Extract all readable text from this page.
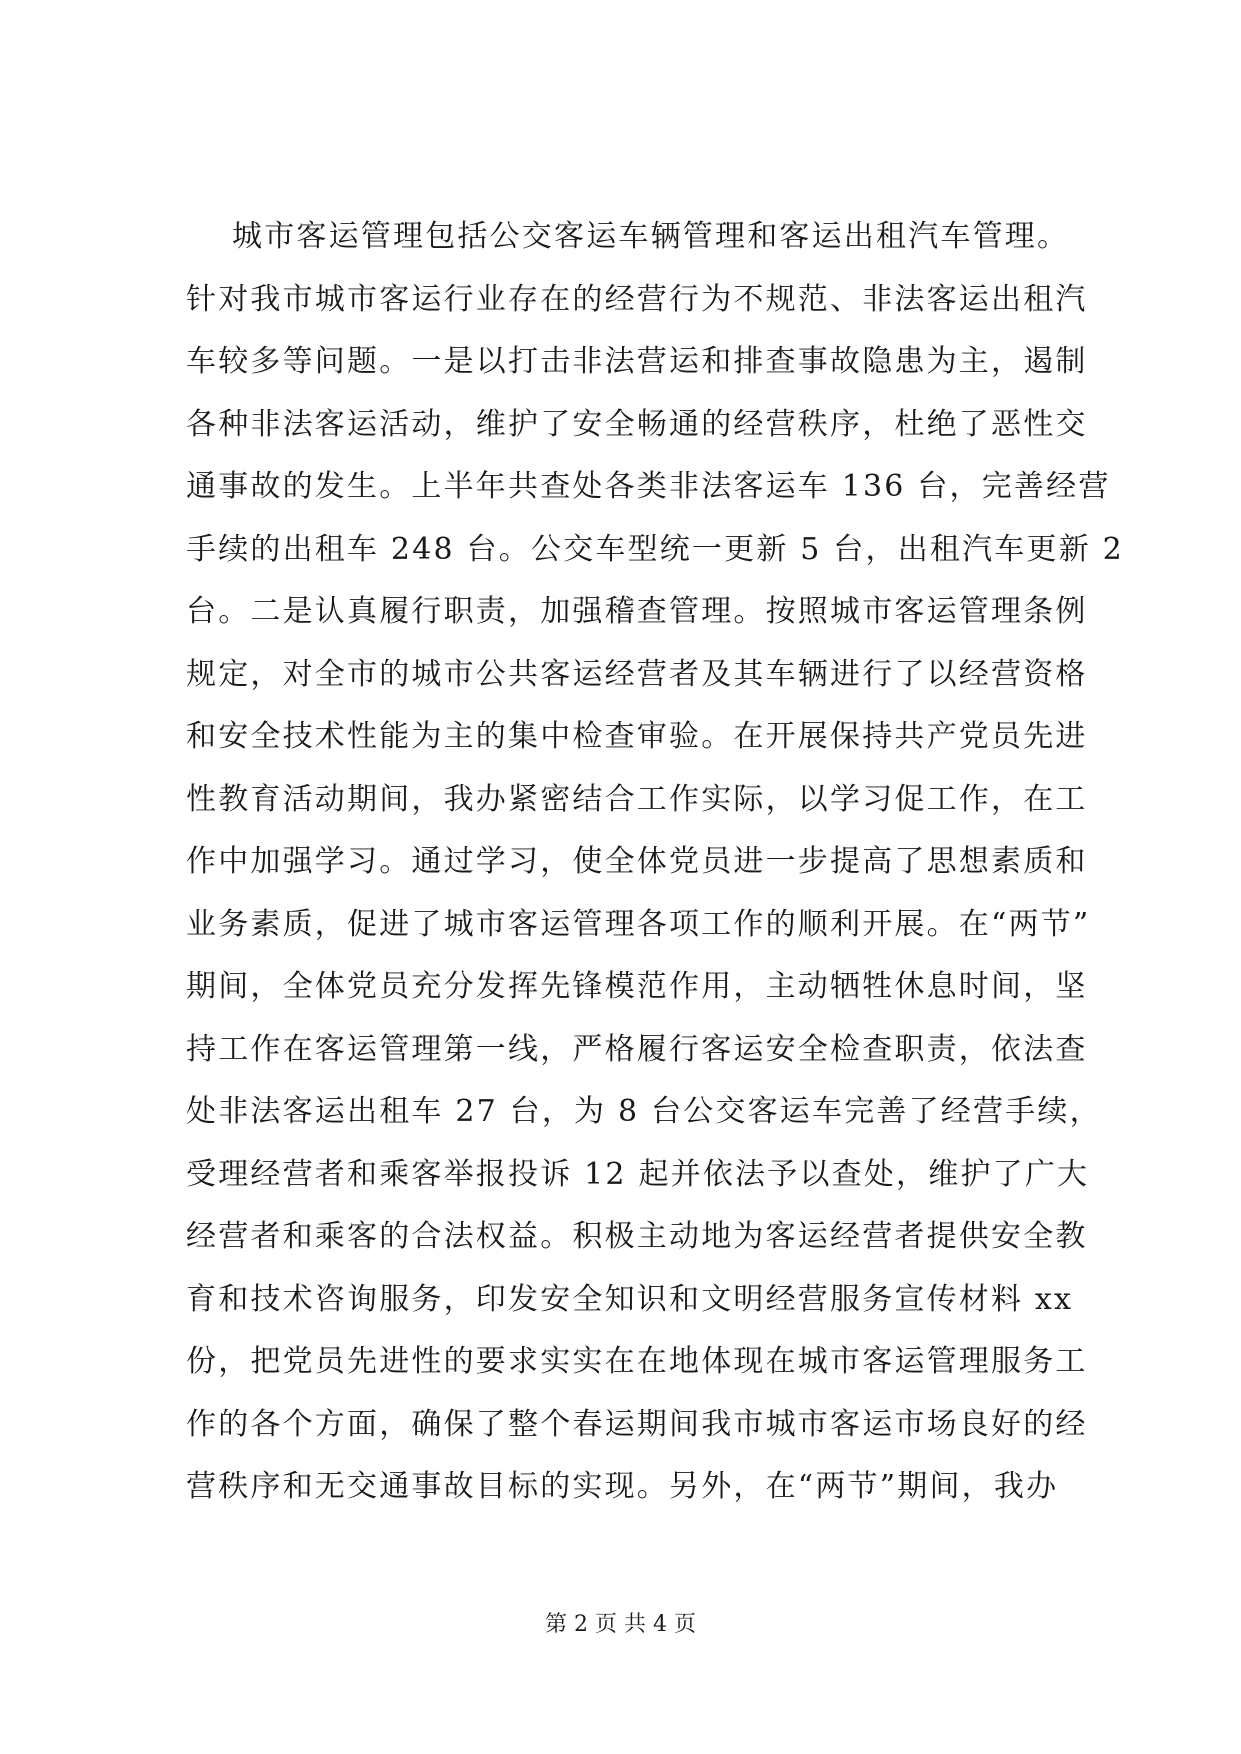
城市客运管理包括公交客运车辆管理和客运出租汽车管理。
针对我市城市客运行业存在的经营行为不规范、非法客运出租汽
车较多等问题。一是以打击非法营运和排查事故隐患为主，遏制
各种非法客运活动，维护了安全畅通的经营秩序，杜绝了恶性交
通事故的发生。上半年共查处各类非法客运车 136 台，完善经营
手续的出租车 248 台。公交车型统一更新 5 台，出租汽车更新 2
台。二是认真履行职责，加强稽查管理。按照城市客运管理条例
规定，对全市的城市公共客运经营者及其车辆进行了以经营资格
和安全技术性能为主的集中检查审验。在开展保持共产党员先进
性教育活动期间，我办紧密结合工作实际，以学习促工作，在工
作中加强学习。通过学习，使全体党员进一步提高了思想素质和
业务素质，促进了城市客运管理各项工作的顺利开展。在“两节”
期间，全体党员充分发挥先锋模范作用，主动牺牲休息时间，坚
持工作在客运管理第一线，严格履行客运安全检查职责，依法查
处非法客运出租车 27 台，为 8 台公交客运车完善了经营手续，
受理经营者和乘客举报投诉 12 起并依法予以查处，维护了广大
经营者和乘客的合法权益。积极主动地为客运经营者提供安全教
育和技术咨询服务，印发安全知识和文明经营服务宣传材料 xx
份，把党员先进性的要求实实在在地体现在城市客运管理服务工
作的各个方面，确保了整个春运期间我市城市客运市场良好的经
营秩序和无交通事故目标的实现。另外，在“两节”期间，我办
第 2 页 共 4 页
